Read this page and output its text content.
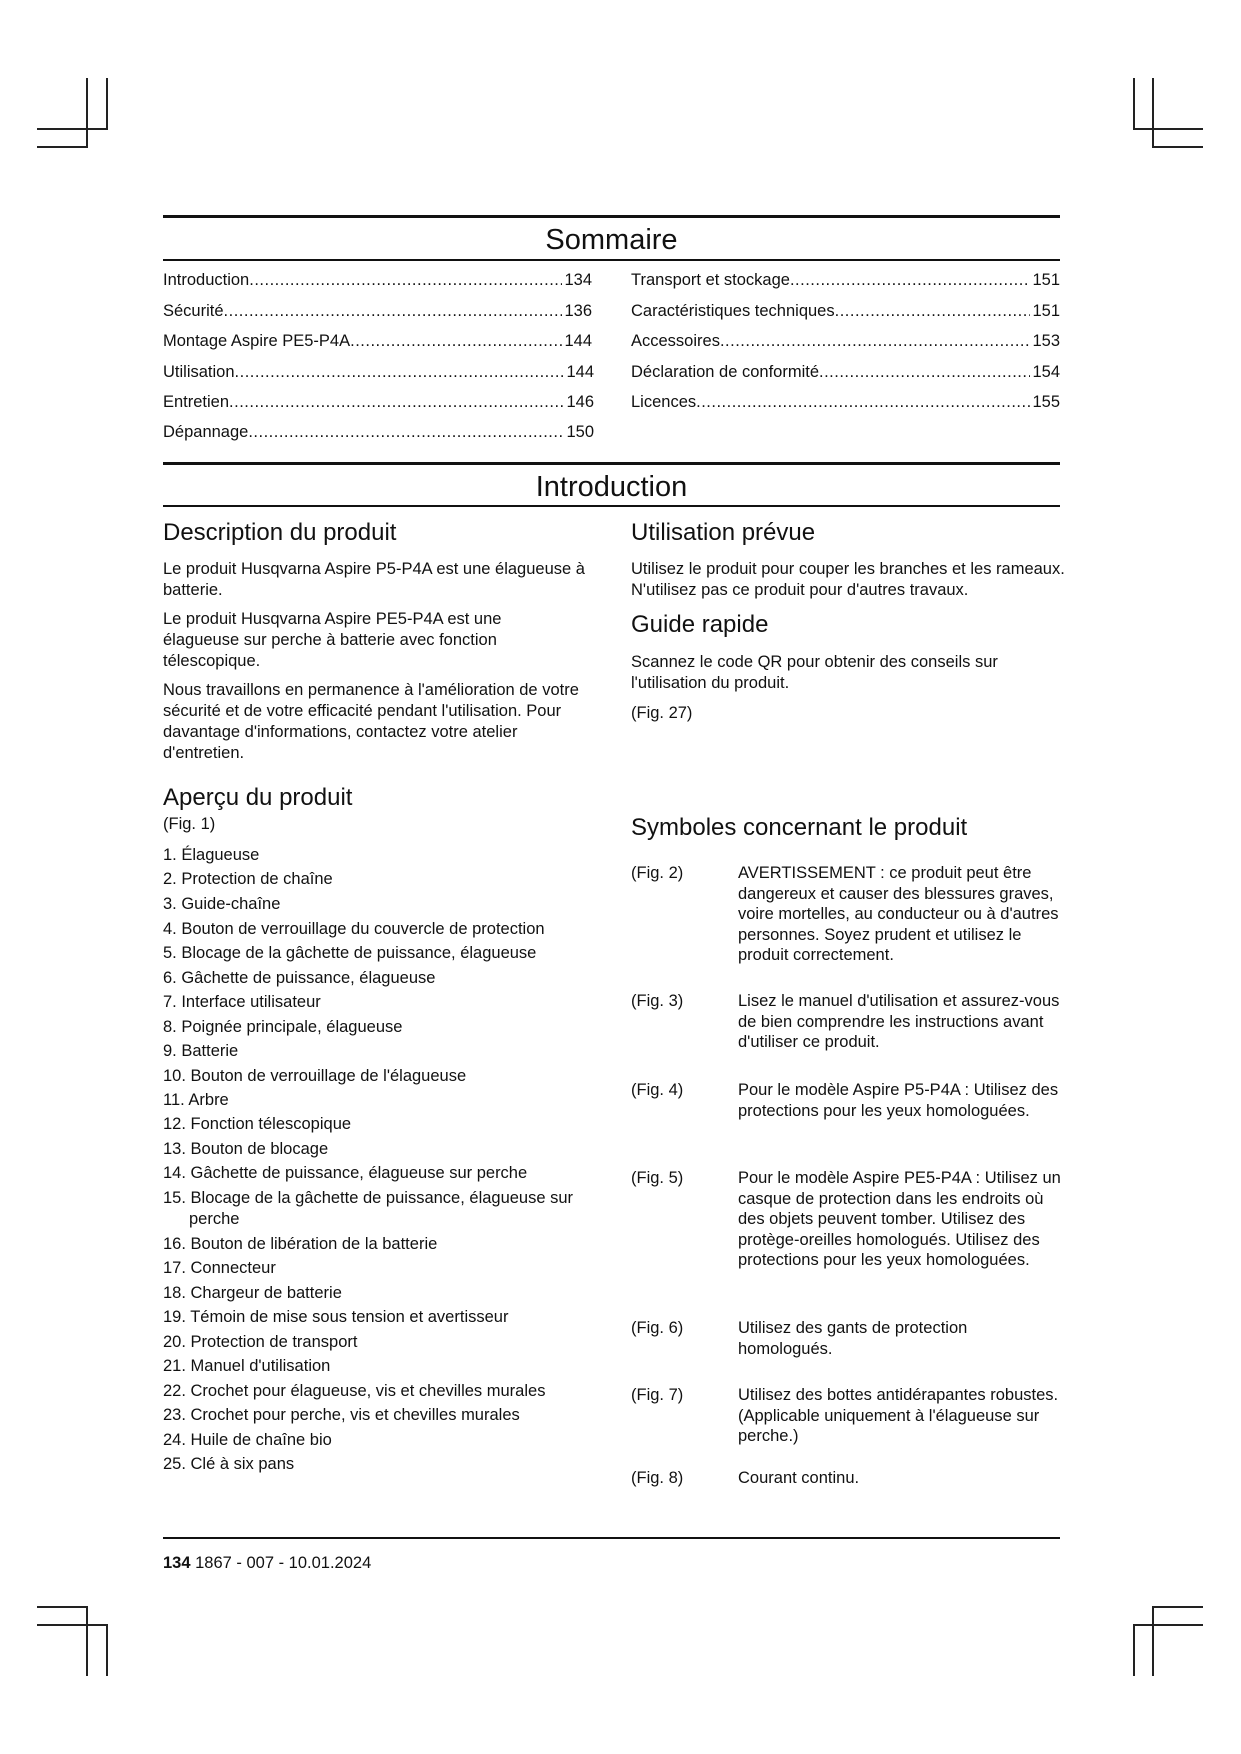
Sommaire
Introduction .....	134
Sécurité .....	136
Montage Aspire PE5-P4A .....	144
Utilisation .....	144
Entretien .....	146
Dépannage .....	150
Transport et stockage .....	151
Caractéristiques techniques .....	151
Accessoires .....	153
Déclaration de conformité .....	154
Licences .....	155
Introduction
Description du produit

Le produit Husqvarna Aspire P5-P4A est une élagueuse à batterie.

Le produit Husqvarna Aspire PE5-P4A est une élagueuse sur perche à batterie avec fonction télescopique.

Nous travaillons en permanence à l'amélioration de votre sécurité et de votre efficacité pendant l'utilisation. Pour davantage d'informations, contactez votre atelier d'entretien.

Aperçu du produit

(Fig. 1)

1. Élagueuse
2. Protection de chaîne
3. Guide-chaîne
4. Bouton de verrouillage du couvercle de protection
5. Blocage de la gâchette de puissance, élagueuse
6. Gâchette de puissance, élagueuse
7. Interface utilisateur
8. Poignée principale, élagueuse
9. Batterie
10. Bouton de verrouillage de l'élagueuse
11. Arbre
12. Fonction télescopique
13. Bouton de blocage
14. Gâchette de puissance, élagueuse sur perche
15. Blocage de la gâchette de puissance, élagueuse sur
perche
16. Bouton de libération de la batterie
17. Connecteur
18. Chargeur de batterie
19. Témoin de mise sous tension et avertisseur
20. Protection de transport
21. Manuel d'utilisation
22. Crochet pour élagueuse, vis et chevilles murales
23. Crochet pour perche, vis et chevilles murales
24. Huile de chaîne bio
25. Clé à six pans
Utilisation prévue

Utilisez le produit pour couper les branches et les rameaux. N'utilisez pas ce produit pour d'autres travaux.

Guide rapide

Scannez le code QR pour obtenir des conseils sur l'utilisation du produit.

(Fig. 27)

Symboles concernant le produit
(Fig. 2)	AVERTISSEMENT : ce produit peut être dangereux et causer des blessures graves, voire mortelles, au conducteur ou à d'autres personnes. Soyez prudent et utilisez le produit correctement.
(Fig. 3)	Lisez le manuel d'utilisation et assurez-vous de bien comprendre les instructions avant d'utiliser ce produit.
(Fig. 4)	Pour le modèle Aspire P5-P4A : Utilisez des protections pour les yeux homologuées.
(Fig. 5)	Pour le modèle Aspire PE5-P4A : Utilisez un casque de protection dans les endroits où des objets peuvent tomber. Utilisez des protège-oreilles homologués. Utilisez des protections pour les yeux homologuées.
(Fig. 6)	Utilisez des gants de protection homologués.
(Fig. 7)	Utilisez des bottes antidérapantes robustes. (Applicable uniquement à l'élagueuse sur perche.)
(Fig. 8)	Courant continu.
134 1867 - 007 - 10.01.2024
